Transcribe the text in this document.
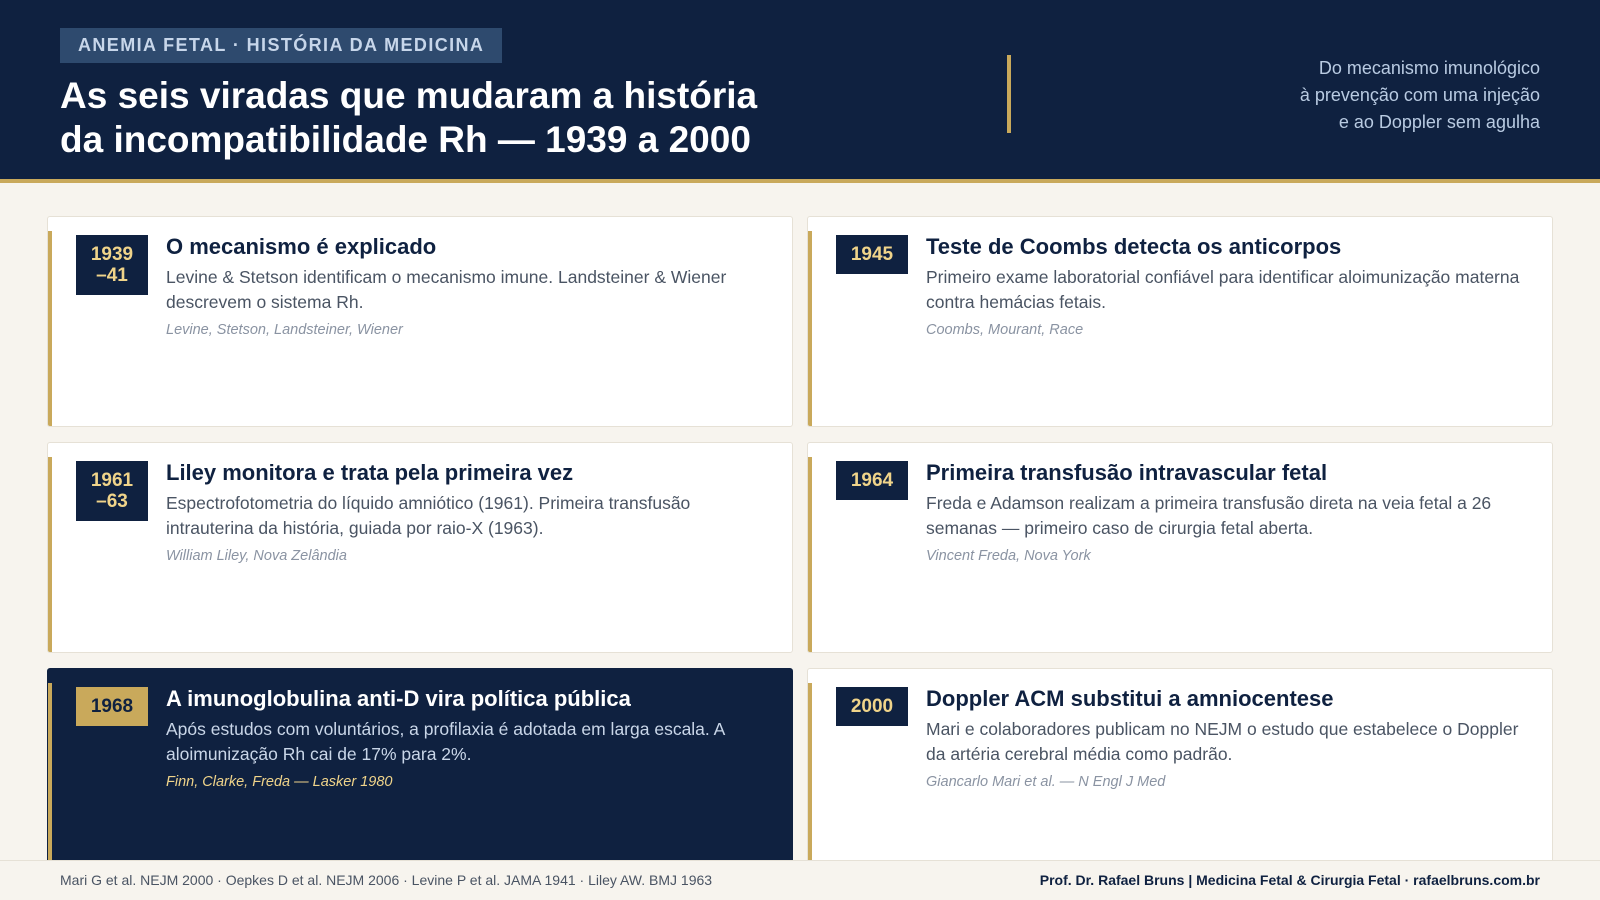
ANEMIA FETAL · HISTÓRIA DA MEDICINA
As seis viradas que mudaram a história
da incompatibilidade Rh — 1939 a 2000
Do mecanismo imunológico
à prevenção com uma injeção
e ao Doppler sem agulha
1939
–41
O mecanismo é explicado
Levine & Stetson identificam o mecanismo imune. Landsteiner & Wiener descrevem o sistema Rh.
Levine, Stetson, Landsteiner, Wiener
1945	Teste de Coombs detecta os anticorpos
Primeiro exame laboratorial confiável para identificar aloimunização materna contra hemácias fetais.
Coombs, Mourant, Race
1961
–63
Liley monitora e trata pela primeira vez
Espectrofotometria do líquido amniótico (1961). Primeira transfusão intrauterina da história, guiada por raio-X (1963).
William Liley, Nova Zelândia
1964	Primeira transfusão intravascular fetal
Freda e Adamson realizam a primeira transfusão direta na veia fetal a 26 semanas — primeiro caso de cirurgia fetal aberta.
Vincent Freda, Nova York
1968	A imunoglobulina anti-D vira política pública
Após estudos com voluntários, a profilaxia é adotada em larga escala. A aloimunização Rh cai de 17% para 2%.
Finn, Clarke, Freda — Lasker 1980
2000	Doppler ACM substitui a amniocentese
Mari e colaboradores publicam no NEJM o estudo que estabelece o Doppler da artéria cerebral média como padrão.
Giancarlo Mari et al. — N Engl J Med
Mari G et al. NEJM 2000 · Oepkes D et al. NEJM 2006 · Levine P et al. JAMA 1941 · Liley AW. BMJ 1963	Prof. Dr. Rafael Bruns | Medicina Fetal & Cirurgia Fetal · rafaelbruns.com.br
